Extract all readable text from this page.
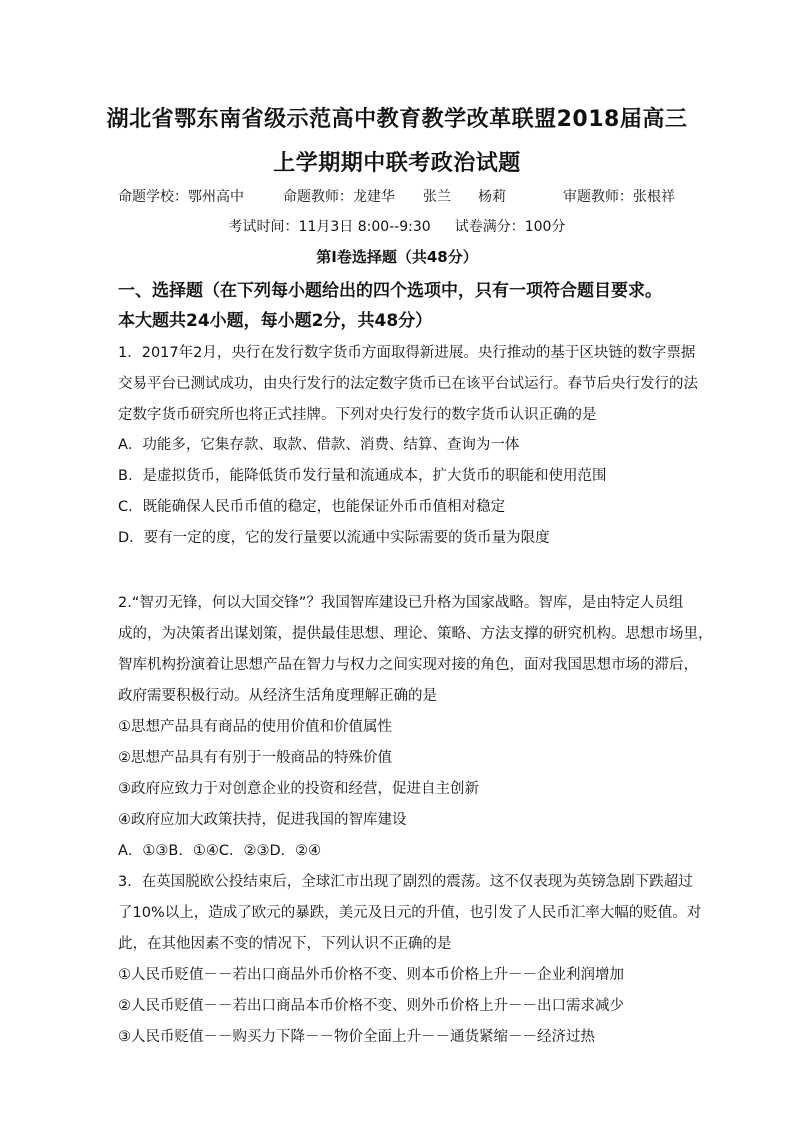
湖北省鄂东南省级示范高中教育教学改革联盟2018届高三
上学期期中联考政治试题
命题学校：鄂州高中	命题教师：龙建华 张兰 杨莉	审题教师：张根祥
考试时间：11月3日 8:00--9:30 试卷满分：100分
第Ⅰ卷选择题（共48分）
一、选择题（在下列每小题给出的四个选项中，只有一项符合题目要求。本大题共24小题，每小题2分，共48分）
1．2017年2月，央行在发行数字货币方面取得新进展。央行推动的基于区块链的数字票据
交易平台已测试成功，由央行发行的法定数字货币已在该平台试运行。春节后央行发行的法
定数字货币研究所也将正式挂牌。下列对央行发行的数字货币认识正确的是
A．功能多，它集存款、取款、借款、消费、结算、查询为一体
B．是虚拟货币，能降低货币发行量和流通成本，扩大货币的职能和使用范围
C．既能确保人民币币值的稳定，也能保证外币币值相对稳定
D．要有一定的度，它的发行量要以流通中实际需要的货币量为限度
2.“智刃无锋，何以大国交锋”？我国智库建设已升格为国家战略。智库，是由特定人员组
成的，为决策者出谋划策，提供最佳思想、理论、策略、方法支撑的研究机构。思想市场里，
智库机构扮演着让思想产品在智力与权力之间实现对接的角色，面对我国思想市场的滞后，
政府需要积极行动。从经济生活角度理解正确的是
①思想产品具有商品的使用价值和价值属性
②思想产品具有有别于一般商品的特殊价值
③政府应致力于对创意企业的投资和经营，促进自主创新
④政府应加大政策扶持，促进我国的智库建设
A．①③B．①④C．②③D．②④
3．在英国脱欧公投结束后，全球汇市出现了剧烈的震荡。这不仅表现为英镑急剧下跌超过
了10%以上，造成了欧元的暴跌，美元及日元的升值，也引发了人民币汇率大幅的贬值。对
此，在其他因素不变的情况下，下列认识不正确的是
①人民币贬值－－若出口商品外币价格不变、则本币价格上升－－企业利润增加
②人民币贬值－－若出口商品本币价格不变、则外币价格上升－－出口需求减少
③人民币贬值－－购买力下降－－物价全面上升－－通货紧缩－－经济过热
